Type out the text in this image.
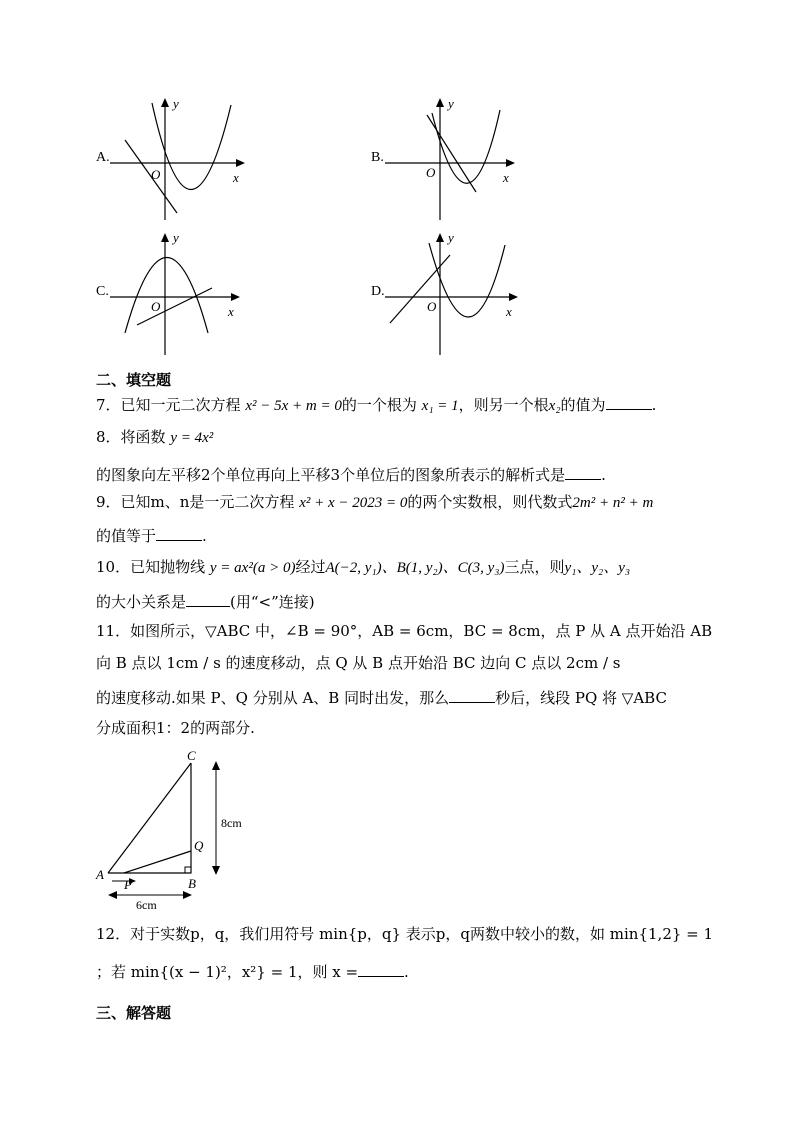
A.
y
x
O
B.
y
x
O
C.
y
x
O
D.
y
x
O
二、填空题
7．已知一元二次方程 x² − 5x + m = 0的一个根为 x₁ = 1，则另一个根x₂的值为	.
8．将函数 y = 4x²
的图象向左平移2个单位再向上平移3个单位后的图象所表示的解析式是 .
9．已知m、n是一元二次方程 x² + x − 2023 = 0的两个实数根，则代数式2m² + n² + m
的值等于	.
10．已知抛物线 y = ax²(a > 0)经过A(−2, y₁)、B(1, y₂)、C(3, y₃)三点，则y₁、y₂、y₃
的大小关系是	(用“<”连接)
11．如图所示，▽ABC 中，∠B = 90°，AB = 6cm，BC = 8cm，点 P 从 A 点开始沿 AB
向 B 点以 1cm / s 的速度移动，点 Q 从 B 点开始沿 BC 边向 C 点以 2cm / s
的速度移动.如果 P、Q 分别从 A、B 同时出发，那么	秒后，线段 PQ 将 ▽ABC
分成面积1：2的两部分.
A
B
C
P
Q
8cm
6cm
12．对于实数p，q，我们用符号 min{p，q} 表示p，q两数中较小的数，如 min{1,2} = 1
；若 min{(x − 1)²，x²} = 1，则 x =	.
三、解答题
